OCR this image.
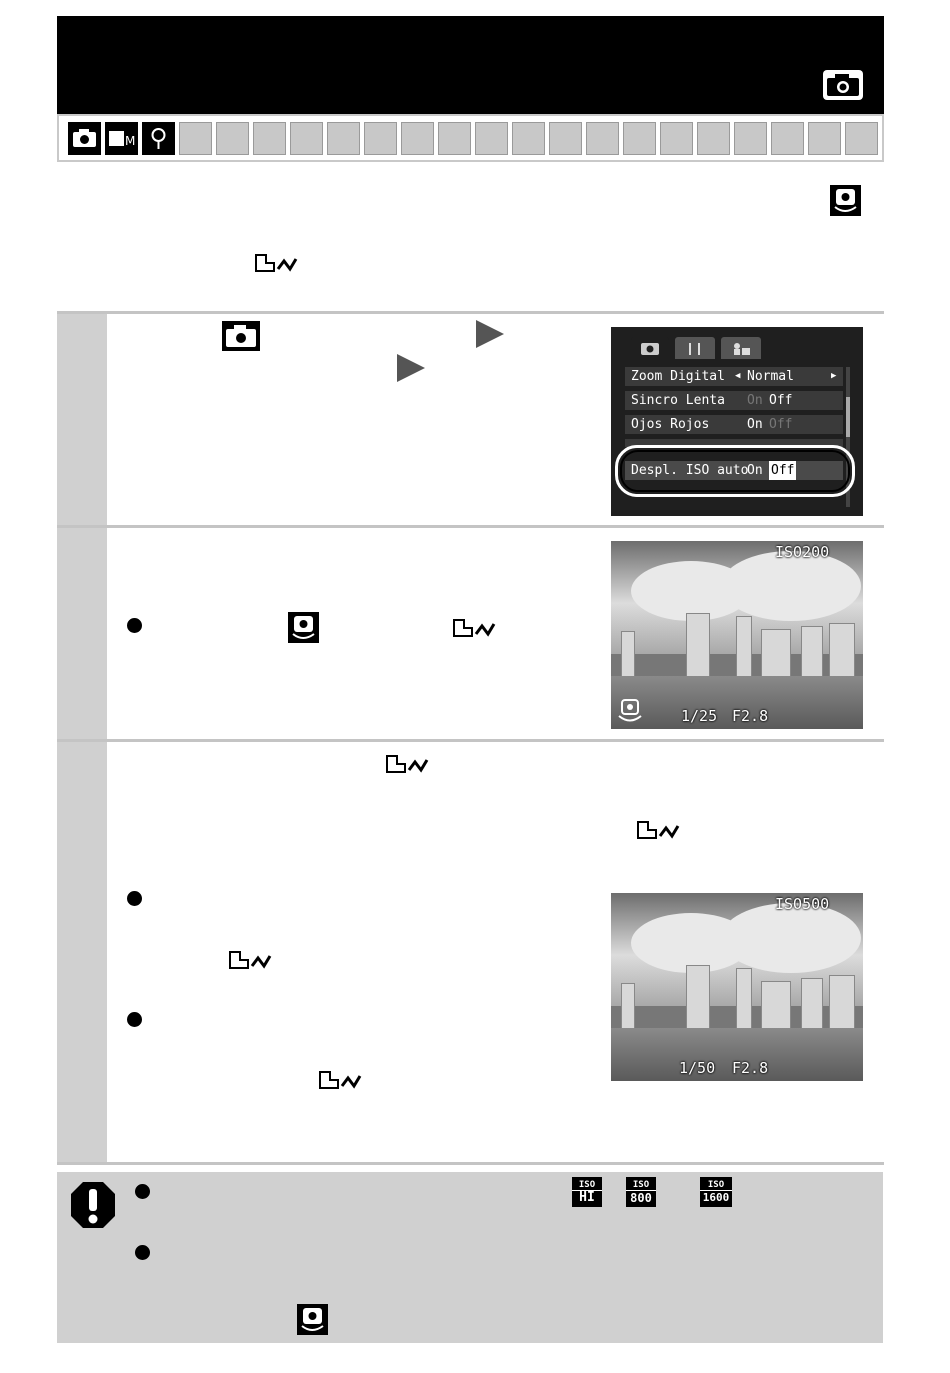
M
Zoom Digital ◀ Normal	▶
Sincro Lenta On Off
Ojos Rojos	On Off
Despl. ISO auto
On Off
ISO200
1/25 F2.8
ISO500
1/50 F2.8
ISO
HI
ISO
800
ISO
1600
